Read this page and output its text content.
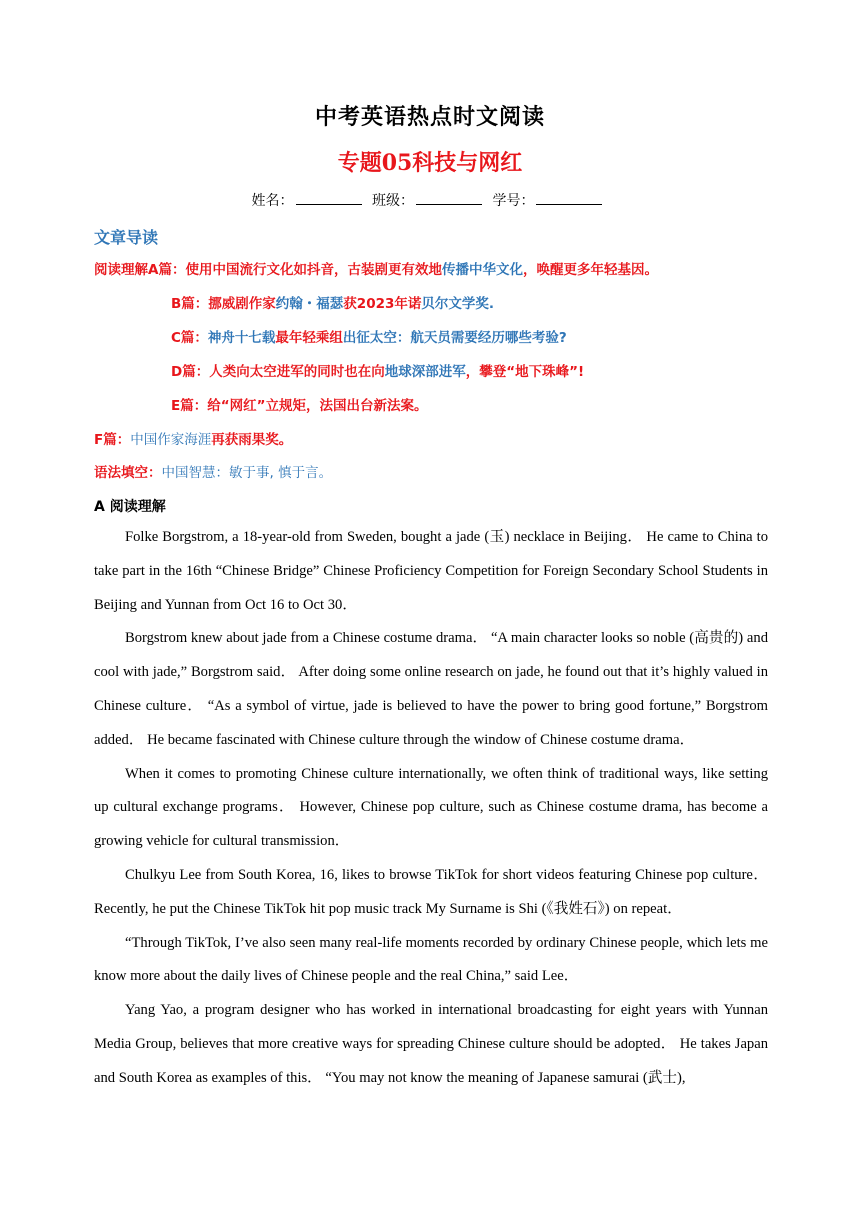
中考英语热点时文阅读
专题05科技与网红
姓名：	班级：	学号：
文章导读
阅读理解A篇：使用中国流行文化如抖音，古装剧更有效地传播中华文化，唤醒更多年轻基因。
B篇：挪威剧作家约翰・福瑟获2023年诺贝尔文学奖.
C篇：神舟十七载最年轻乘组出征太空：航天员需要经历哪些考验?
D篇：人类向太空进军的同时也在向地球深部进军，攀登“地下珠峰”!
E篇：给“网红”立规矩，法国出台新法案。
F篇：中国作家海涯再获雨果奖。
语法填空：中国智慧：敏于事, 慎于言。
A 阅读理解

Folke Borgstrom, a 18-year-old from Sweden, bought a jade (玉) necklace in Beijing． He came to China to take part in the 16th “Chinese Bridge” Chinese Proficiency Competition for Foreign Secondary School Students in Beijing and Yunnan from Oct 16 to Oct 30．

Borgstrom knew about jade from a Chinese costume drama． “A main character looks so noble (高贵的) and cool with jade,” Borgstrom said． After doing some online research on jade, he found out that it’s highly valued in Chinese culture． “As a symbol of virtue, jade is believed to have the power to bring good fortune,” Borgstrom added． He became fascinated with Chinese culture through the window of Chinese costume drama．

When it comes to promoting Chinese culture internationally, we often think of traditional ways, like setting up cultural exchange programs． However, Chinese pop culture, such as Chinese costume drama, has become a growing vehicle for cultural transmission．

Chulkyu Lee from South Korea, 16, likes to browse TikTok for short videos featuring Chinese pop culture． Recently, he put the Chinese TikTok hit pop music track My Surname is Shi (《我姓石》) on repeat．

“Through TikTok, I’ve also seen many real-life moments recorded by ordinary Chinese people, which lets me know more about the daily lives of Chinese people and the real China,” said Lee．

Yang Yao, a program designer who has worked in international broadcasting for eight years with Yunnan Media Group, believes that more creative ways for spreading Chinese culture should be adopted． He takes Japan and South Korea as examples of this． “You may not know the meaning of Japanese samurai (武士),
